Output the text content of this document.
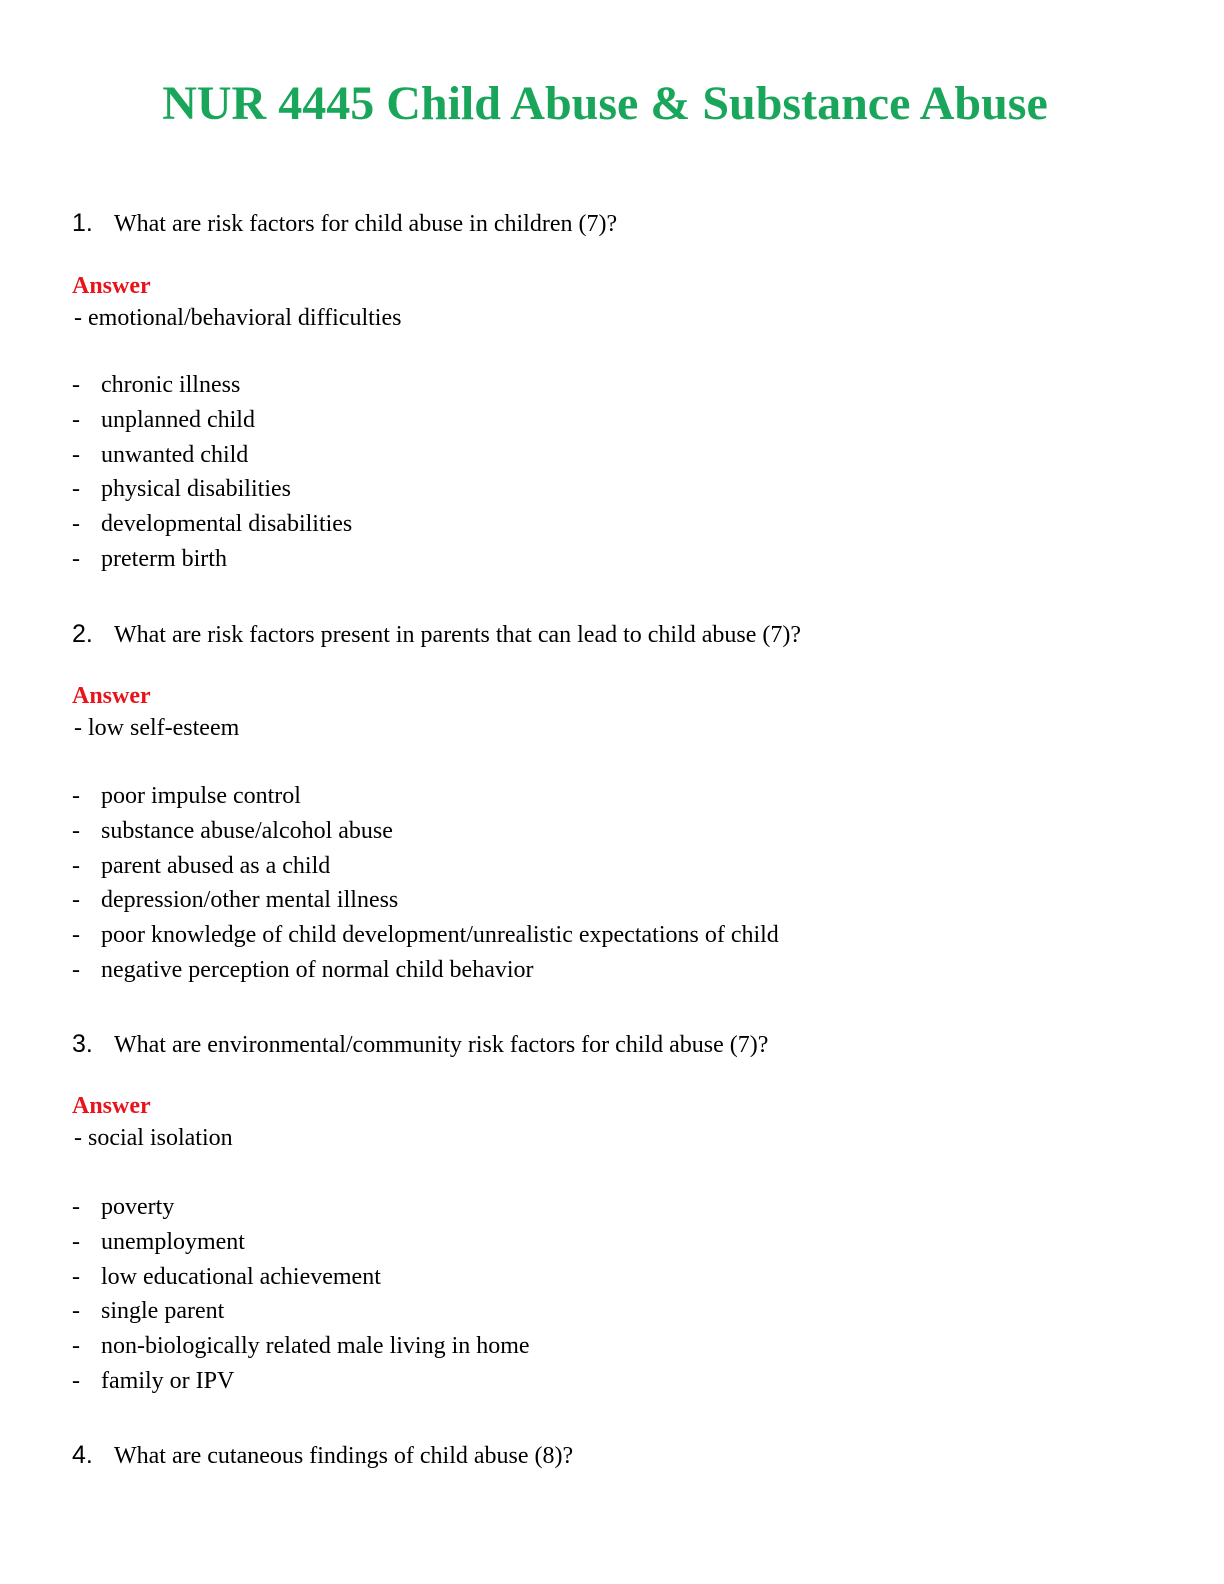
NUR 4445 Child Abuse & Substance Abuse
1. What are risk factors for child abuse in children (7)?
Answer
- emotional/behavioral difficulties
- chronic illness
- unplanned child
- unwanted child
- physical disabilities
- developmental disabilities
- preterm birth
2. What are risk factors present in parents that can lead to child abuse (7)?
Answer
- low self-esteem
- poor impulse control
- substance abuse/alcohol abuse
- parent abused as a child
- depression/other mental illness
- poor knowledge of child development/unrealistic expectations of child
- negative perception of normal child behavior
3. What are environmental/community risk factors for child abuse (7)?
Answer
- social isolation
- poverty
- unemployment
- low educational achievement
- single parent
- non-biologically related male living in home
- family or IPV
4. What are cutaneous findings of child abuse (8)?
